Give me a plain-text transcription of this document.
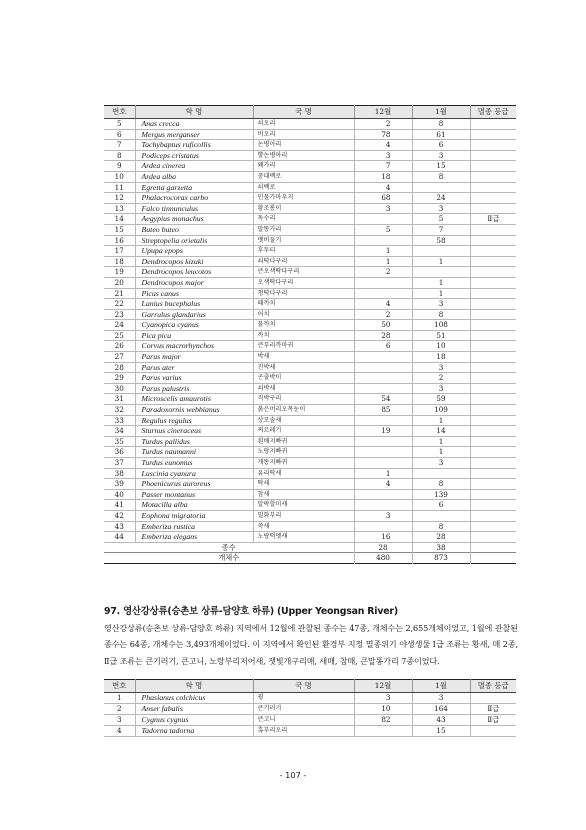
번호	학 명	국 명	12월	1월	멸종 등급
5	Anas crecca	쇠오리	2	8	
6	Mergus merganser	비오리	78	61	
7	Tachybaptus ruficollis	논병아리	4	6	
8	Podiceps cristatus	뿔논병아리	3	3	
9	Ardea cinerea	왜가리	7	15	
10	Ardea alba	중대백로	18	8	
11	Egretta garzetta	쇠백로	4		
12	Phalacrocorax carbo	민물가마우지	68	24	
13	Falco tinnunculus	황조롱이	3	3	
14	Aegypius monachus	독수리		5	Ⅱ급
15	Buteo buteo	말똥가리	5	7	
16	Streptopelia orietalis	멧비둘기		58	
17	Upupa epops	후투티	1		
18	Dendrocopos kizuki	쇠딱다구리	1	1	
19	Dendrocopos leucotos	큰오색딱다구리	2		
20	Dendrocopos major	오색딱다구리		1	
21	Picus canus	청딱다구리		1	
22	Lanius bucephalus	때까치	4	3	
23	Garrulus glandarius	어치	2	8	
24	Cyanopica cyanus	물까치	50	108	
25	Pica pica	까치	28	51	
26	Corvus macrorhynchos	큰부리까마귀	6	10	
27	Parus major	박새		18	
28	Parus ater	진박새		3	
29	Parus varius	곤줄박이		2	
30	Parus palustris	쇠박새		3	
31	Microscelis amaurotis	직박구리	54	59	
32	Paradoxornis webbianus	붉은머리오목눈이	85	109	
33	Regulus regulus	상모솔새		1	
34	Sturnus cineraceus	찌르레기	19	14	
35	Turdus pallidus	흰배지빠귀		1	
36	Turdus naumanni	노랑지빠귀		1	
37	Turdus eunomus	개똥지빠귀		3	
38	Luscinia cyanura	유리딱새	1		
39	Phoenicurus auroreus	딱새	4	8	
40	Passer montanus	참새		139	
41	Motacilla alba	알락할미새		6	
42	Eophona migratoria	밀화부리	3		
43	Emberiza rustica	쑥새		8	
44	Emberiza elegans	노랑턱멧새	16	28	
종수			28	38	
개체수			480	873	
97. 영산강상류(승촌보 상류-담양호 하류) (Upper Yeongsan River)
영산강상류(승촌보 상류-담양호 하류) 지역에서 12월에 관찰된 종수는 47종, 개체수는 2,655개체이었고, 1월에 관찰된 종수는 64종, 개체수는 3,493개체이었다. 이 지역에서 확인된 환경부 지정 멸종위기 야생생물 Ⅰ급 조류는 황새, 매 2종, Ⅱ급 조류는 큰기러기, 큰고니, 노랑부리저어새, 잿빛개구리매, 새매, 참매, 큰말똥가리 7종이었다.
번호	학 명	국 명	12월	1월	멸종 등급
1	Phasianus colchicus	꿩	3	3	
2	Anser fabalis	큰기러기	10	164	Ⅱ급
3	Cygnus cygnus	큰고니	82	43	Ⅱ급
4	Tadorna tadorna	혹부리오리		15	
- 107 -
